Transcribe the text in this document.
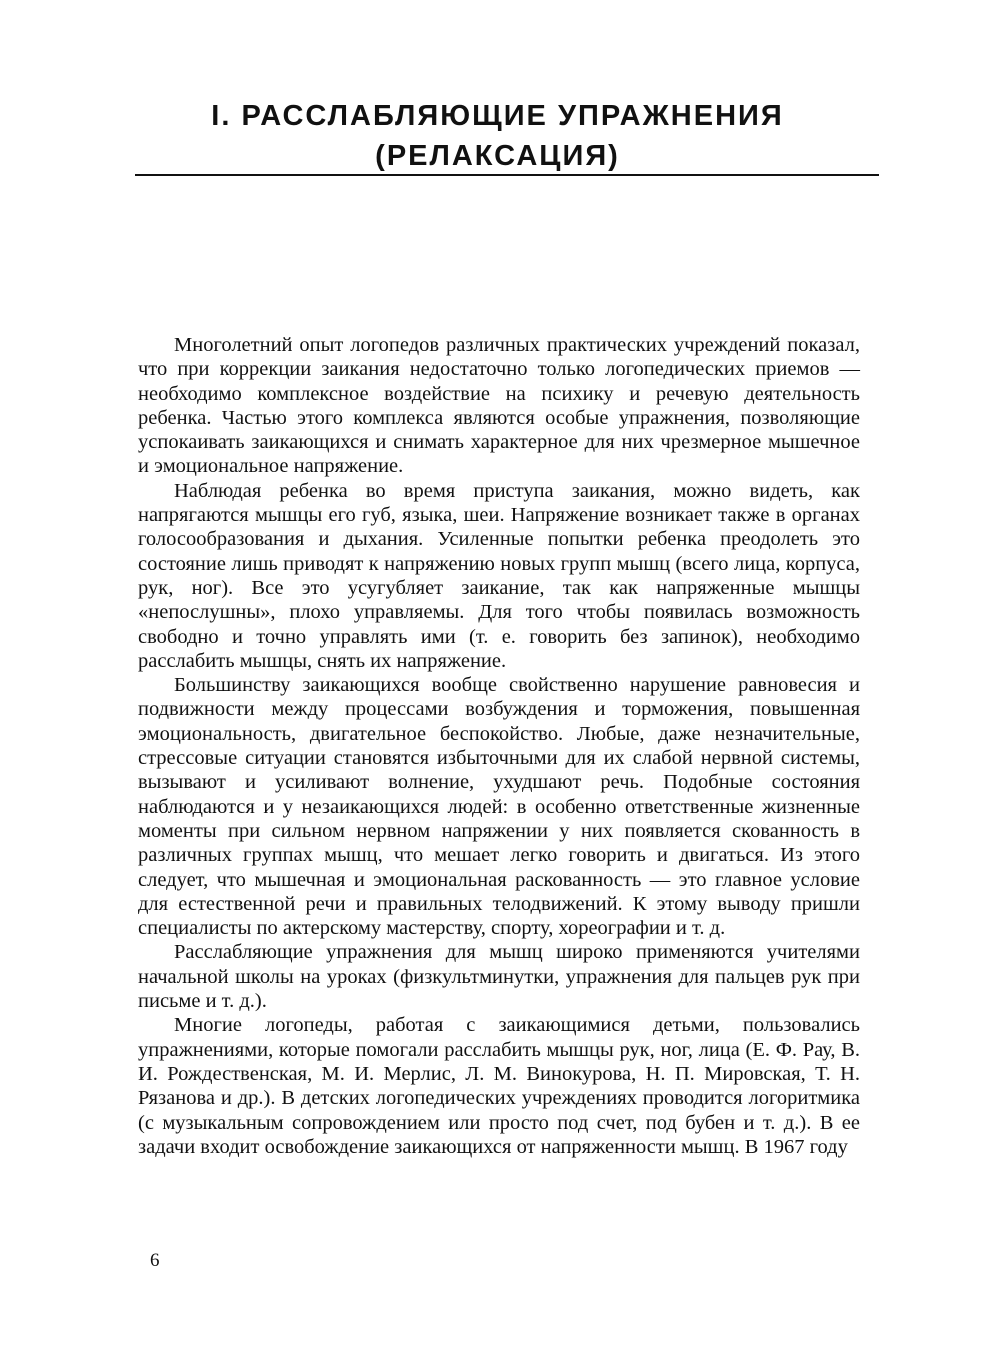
I. РАССЛАБЛЯЮЩИЕ УПРАЖНЕНИЯ
(РЕЛАКСАЦИЯ)

Многолетний опыт логопедов различных практических учреждений показал, что при коррекции заикания недостаточно только логопедических приемов — необходимо комплексное воздействие на психику и речевую деятельность ребенка. Частью этого комплекса являются особые упражнения, позволяющие успокаивать заикающихся и снимать характерное для них чрезмерное мышечное и эмоциональное напряжение.

Наблюдая ребенка во время приступа заикания, можно видеть, как напрягаются мышцы его губ, языка, шеи. Напряжение возникает также в органах голосообразования и дыхания. Усиленные попытки ребенка преодолеть это состояние лишь приводят к напряжению новых групп мышц (всего лица, корпуса, рук, ног). Все это усугубляет заикание, так как напряженные мышцы «непослушны», плохо управляемы. Для того чтобы появилась возможность свободно и точно управлять ими (т. е. говорить без запинок), необходимо расслабить мышцы, снять их напряжение.

Большинству заикающихся вообще свойственно нарушение равновесия и подвижности между процессами возбуждения и торможения, повышенная эмоциональность, двигательное беспокойство. Любые, даже незначительные, стрессовые ситуации становятся избыточными для их слабой нервной системы, вызывают и усиливают волнение, ухудшают речь. Подобные состояния наблюдаются и у незаикающихся людей: в особенно ответственные жизненные моменты при сильном нервном напряжении у них появляется скованность в различных группах мышц, что мешает легко говорить и двигаться. Из этого следует, что мышечная и эмоциональная раскованность — это главное условие для естественной речи и правильных телодвижений. К этому выводу пришли специалисты по актерскому мастерству, спорту, хореографии и т. д.

Расслабляющие упражнения для мышц широко применяются учителями начальной школы на уроках (физкультминутки, упражнения для пальцев рук при письме и т. д.).

Многие логопеды, работая с заикающимися детьми, пользовались упражнениями, которые помогали расслабить мышцы рук, ног, лица (Е. Ф. Рау, В. И. Рождественская, М. И. Мерлис, Л. М. Винокурова, Н. П. Мировская, Т. Н. Рязанова и др.). В детских логопедических учреждениях проводится логоритмика (с музыкальным сопровождением или просто под счет, под бубен и т. д.). В ее задачи входит освобождение заикающихся от напряженности мышц. В 1967 году

6
